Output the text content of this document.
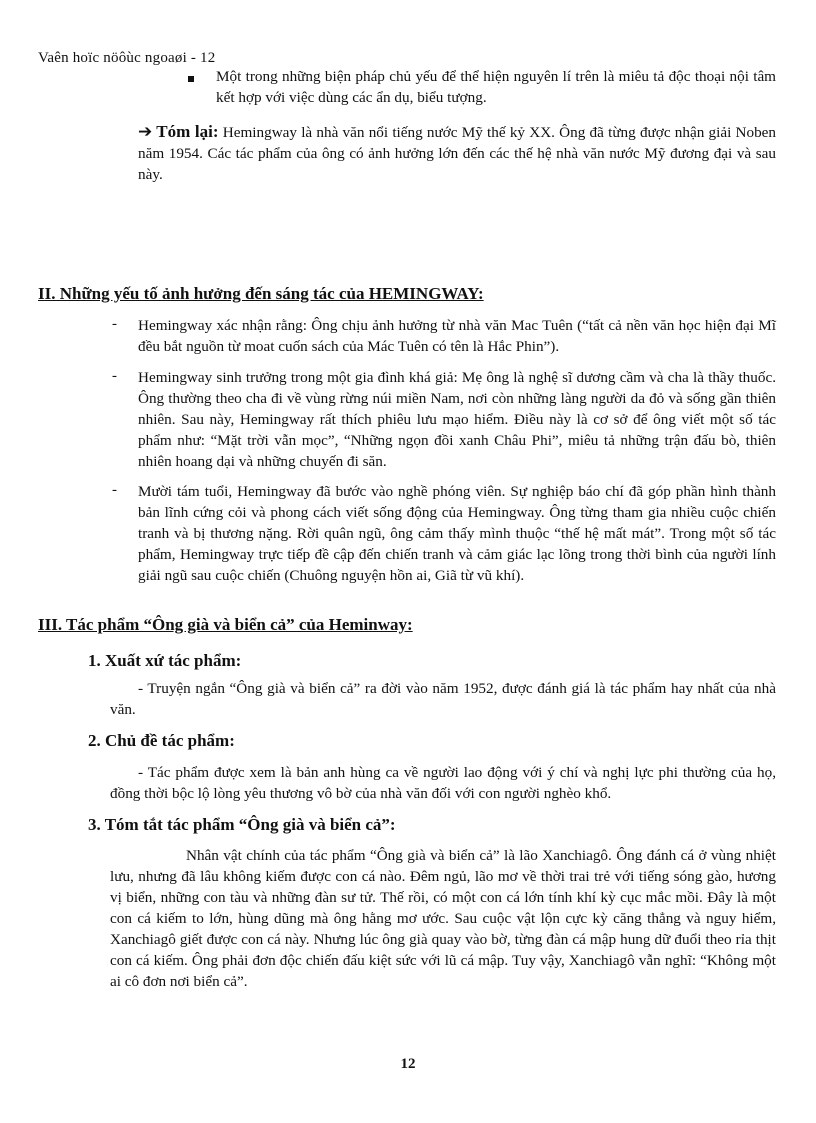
Vaên hoïc nöôùc ngoaøi - 12

Một trong những biện pháp chủ yếu để thể hiện nguyên lí trên là miêu tả độc thoại nội tâm kết hợp với việc dùng các ẩn dụ, biểu tượng.

➔ Tóm lại: Hemingway là nhà văn nổi tiếng nước Mỹ thế kỷ XX. Ông đã từng được nhận giải Noben năm 1954. Các tác phẩm của ông có ảnh hưởng lớn đến các thế hệ nhà văn nước Mỹ đương đại và sau này.

II. Những yếu tố ảnh hưởng đến sáng tác của HEMINGWAY:
- Hemingway xác nhận rằng: Ông chịu ảnh hưởng từ nhà văn Mac Tuên (“tất cả nền văn học hiện đại Mĩ đều bắt nguồn từ moat cuốn sách của Mác Tuên có tên là Hắc Phin”).

- Hemingway sinh trưởng trong một gia đình khá giả: Mẹ ông là nghệ sĩ dương cầm và cha là thầy thuốc. Ông thường theo cha đi về vùng rừng núi miền Nam, nơi còn những làng người da đỏ và sống gần thiên nhiên. Sau này, Hemingway rất thích phiêu lưu mạo hiểm. Điều này là cơ sở để ông viết một số tác phẩm như: “Mặt trời vẫn mọc”, “Những ngọn đồi xanh Châu Phi”, miêu tả những trận đấu bò, thiên nhiên hoang dại và những chuyến đi săn.

- Mười tám tuổi, Hemingway đã bước vào nghề phóng viên. Sự nghiệp báo chí đã góp phần hình thành bản lĩnh cứng cỏi và phong cách viết sống động của Hemingway. Ông từng tham gia nhiều cuộc chiến tranh và bị thương nặng. Rời quân ngũ, ông cảm thấy mình thuộc “thế hệ mất mát”. Trong một số tác phẩm, Hemingway trực tiếp đề cập đến chiến tranh và cảm giác lạc lõng trong thời bình của người lính giải ngũ sau cuộc chiến (Chuông nguyện hồn ai, Giã từ vũ khí).

III. Tác phẩm “Ông già và biển cả” của Heminway:
1. Xuất xứ tác phẩm:

- Truyện ngắn “Ông già và biển cả” ra đời vào năm 1952, được đánh giá là tác phẩm hay nhất của nhà văn.

2. Chủ đề tác phẩm:

- Tác phẩm được xem là bản anh hùng ca về người lao động với ý chí và nghị lực phi thường của họ, đồng thời bộc lộ lòng yêu thương vô bờ của nhà văn đối với con người nghèo khổ.

3. Tóm tắt tác phẩm “Ông già và biển cả”:

Nhân vật chính của tác phẩm “Ông già và biển cả” là lão Xanchiagô. Ông đánh cá ở vùng nhiệt lưu, nhưng đã lâu không kiếm được con cá nào. Đêm ngủ, lão mơ về thời trai trẻ với tiếng sóng gào, hương vị biển, những con tàu và những đàn sư tử. Thế rồi, có một con cá lớn tính khí kỳ cục mắc mồi. Đây là một con cá kiếm to lớn, hùng dũng mà ông hằng mơ ước. Sau cuộc vật lộn cực kỳ căng thẳng và nguy hiểm, Xanchiagô giết được con cá này. Nhưng lúc ông già quay vào bờ, từng đàn cá mập hung dữ đuổi theo rỉa thịt con cá kiếm. Ông phải đơn độc chiến đấu kiệt sức với lũ cá mập. Tuy vậy, Xanchiagô vẫn nghĩ: “Không một ai cô đơn nơi biển cả”.

12
